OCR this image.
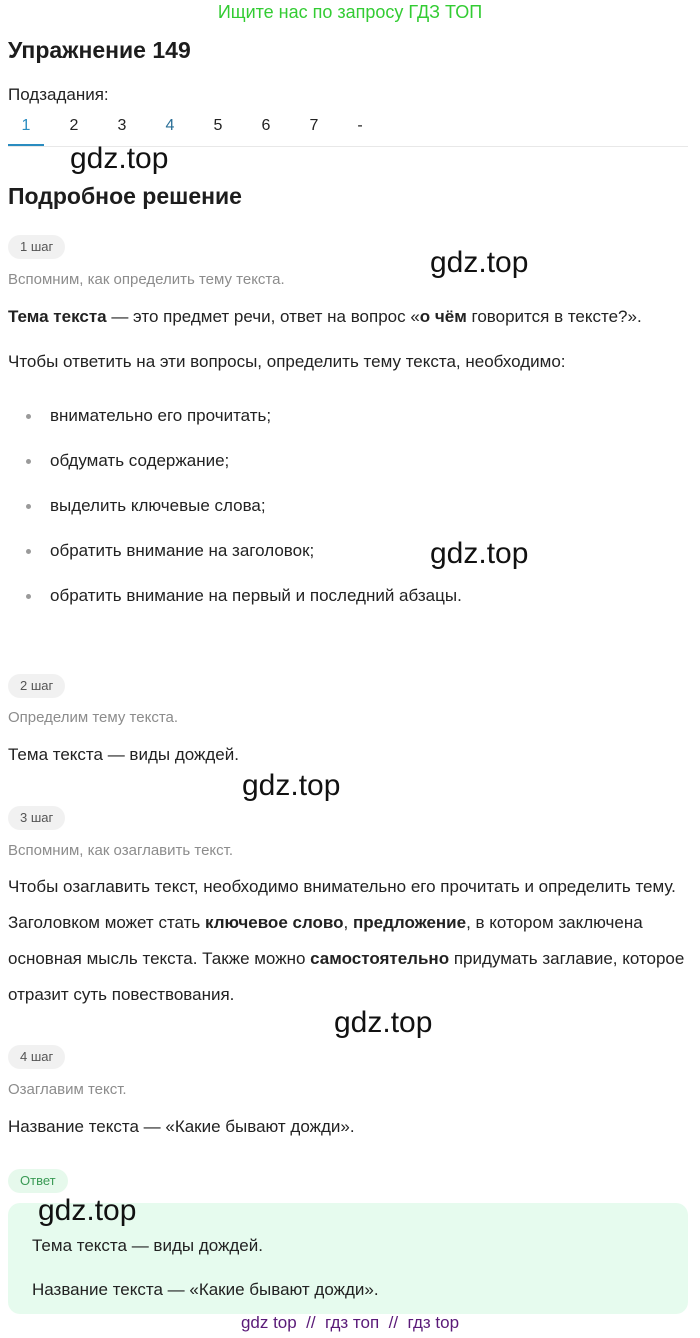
Ищите нас по запросу ГДЗ ТОП
Упражнение 149
Подзадания:
1	2	3	4	5	6	7	-
gdz.top
Подробное решение
1 шаг	gdz.top
Вспомним, как определить тему текста.
Тема текста — это предмет речи, ответ на вопрос «о чём говорится в тексте?».
Чтобы ответить на эти вопросы, определить тему текста, необходимо:
внимательно его прочитать;
обдумать содержание;
выделить ключевые слова;
обратить внимание на заголовок;
обратить внимание на первый и последний абзацы.
gdz.top
2 шаг
Определим тему текста.
Тема текста — виды дождей.
gdz.top
3 шаг
Вспомним, как озаглавить текст.
Чтобы озаглавить текст, необходимо внимательно его прочитать и определить тему. Заголовком может стать ключевое слово, предложение, в котором заключена основная мысль текста. Также можно самостоятельно придумать заглавие, которое отразит суть повествования.
gdz.top
4 шаг
Озаглавим текст.
Название текста — «Какие бывают дожди».
Ответ
gdz.top
Тема текста — виды дождей.
Название текста — «Какие бывают дожди».
gdz top  //  гдз топ  //  гдз top
